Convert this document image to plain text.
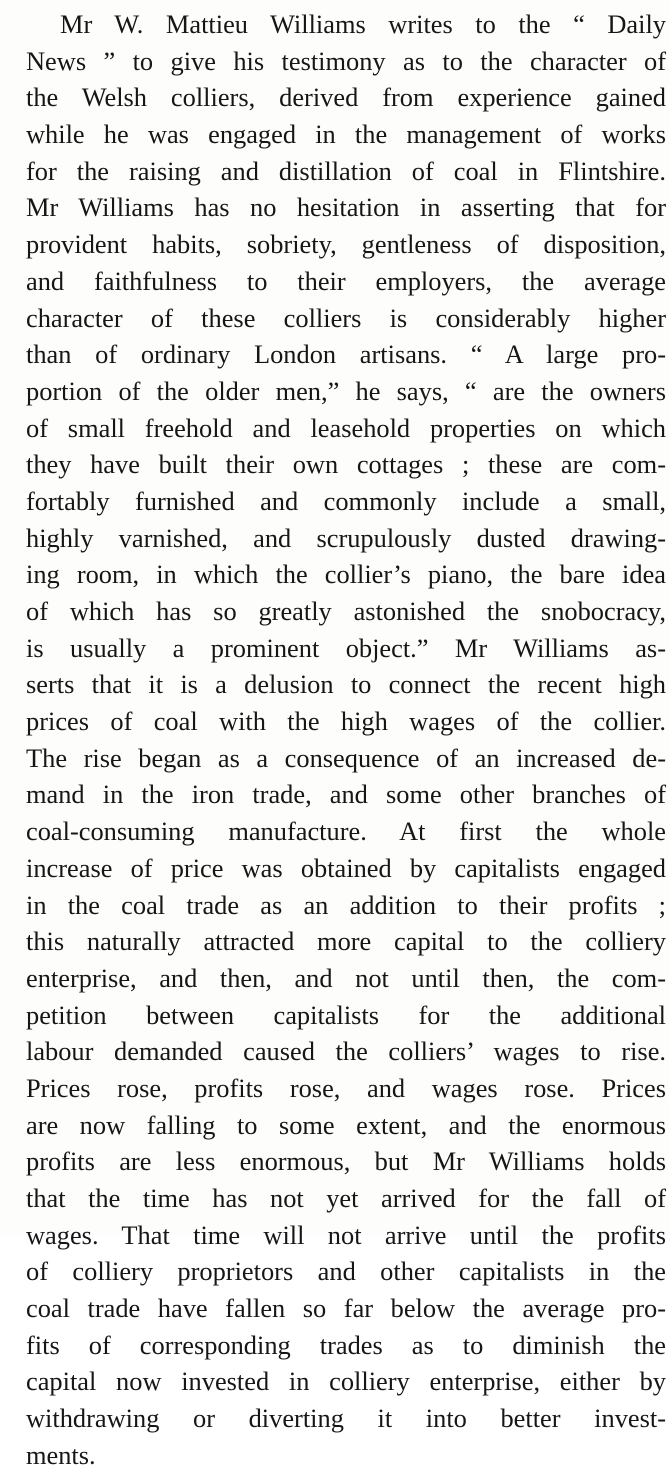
Mr W. Mattieu Williams writes to the “ Daily
News ” to give his testimony as to the character of
the Welsh colliers, derived from experience gained
while he was engaged in the management of works
for the raising and distillation of coal in Flintshire.
Mr Williams has no hesitation in asserting that for
provident habits, sobriety, gentleness of disposition,
and faithfulness to their employers, the average
character of these colliers is considerably higher
than of ordinary London artisans. “ A large pro-
portion of the older men,” he says, “ are the owners
of small freehold and leasehold properties on which
they have built their own cottages ; these are com-
fortably furnished and commonly include a small,
highly varnished, and scrupulously dusted drawing-
ing room, in which the collier’s piano, the bare idea
of which has so greatly astonished the snobocracy,
is usually a prominent object.” Mr Williams as-
serts that it is a delusion to connect the recent high
prices of coal with the high wages of the collier.
The rise began as a consequence of an increased de-
mand in the iron trade, and some other branches of
coal-consuming manufacture. At first the whole
increase of price was obtained by capitalists engaged
in the coal trade as an addition to their profits ;
this naturally attracted more capital to the colliery
enterprise, and then, and not until then, the com-
petition between capitalists for the additional
labour demanded caused the colliers’ wages to rise.
Prices rose, profits rose, and wages rose. Prices
are now falling to some extent, and the enormous
profits are less enormous, but Mr Williams holds
that the time has not yet arrived for the fall of
wages. That time will not arrive until the profits
of colliery proprietors and other capitalists in the
coal trade have fallen so far below the average pro-
fits of corresponding trades as to diminish the
capital now invested in colliery enterprise, either by
withdrawing or diverting it into better invest-
ments.
